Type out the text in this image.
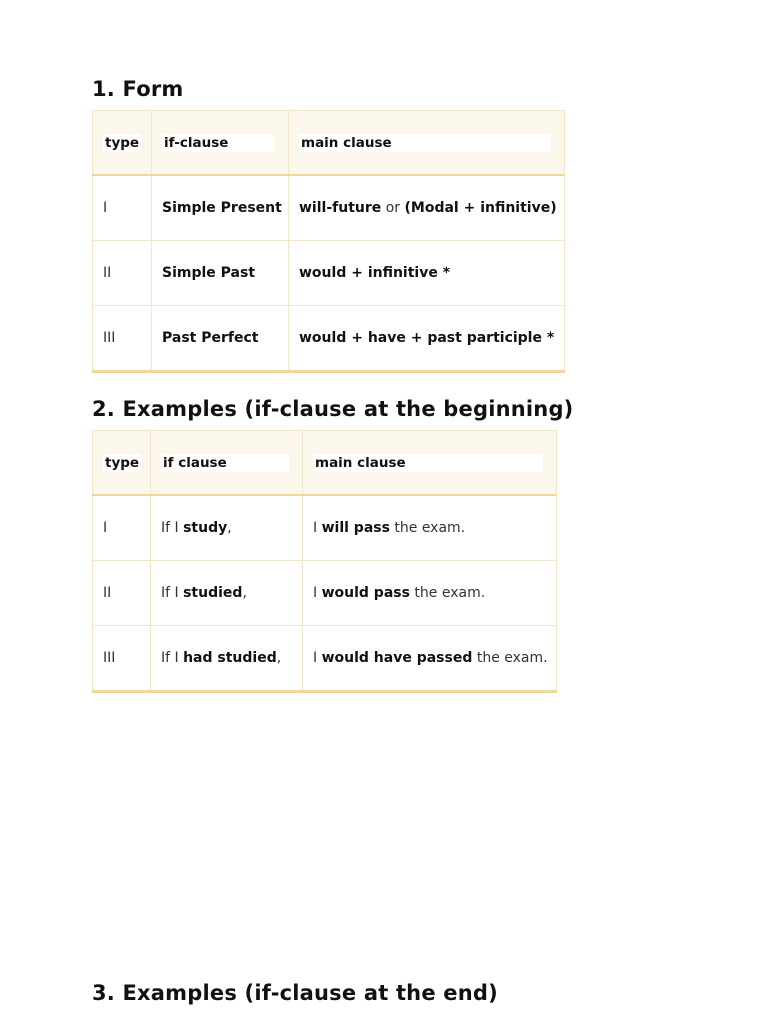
1. Form
type	if-clause	main clause
I	Simple Present	will-future or (Modal + infinitive)
II	Simple Past	would + infinitive *
III	Past Perfect	would + have + past participle *
2. Examples (if-clause at the beginning)
type	if clause	main clause
I	If I study,	I will pass the exam.
II	If I studied,	I would pass the exam.
III	If I had studied,	I would have passed the exam.
3. Examples (if-clause at the end)
